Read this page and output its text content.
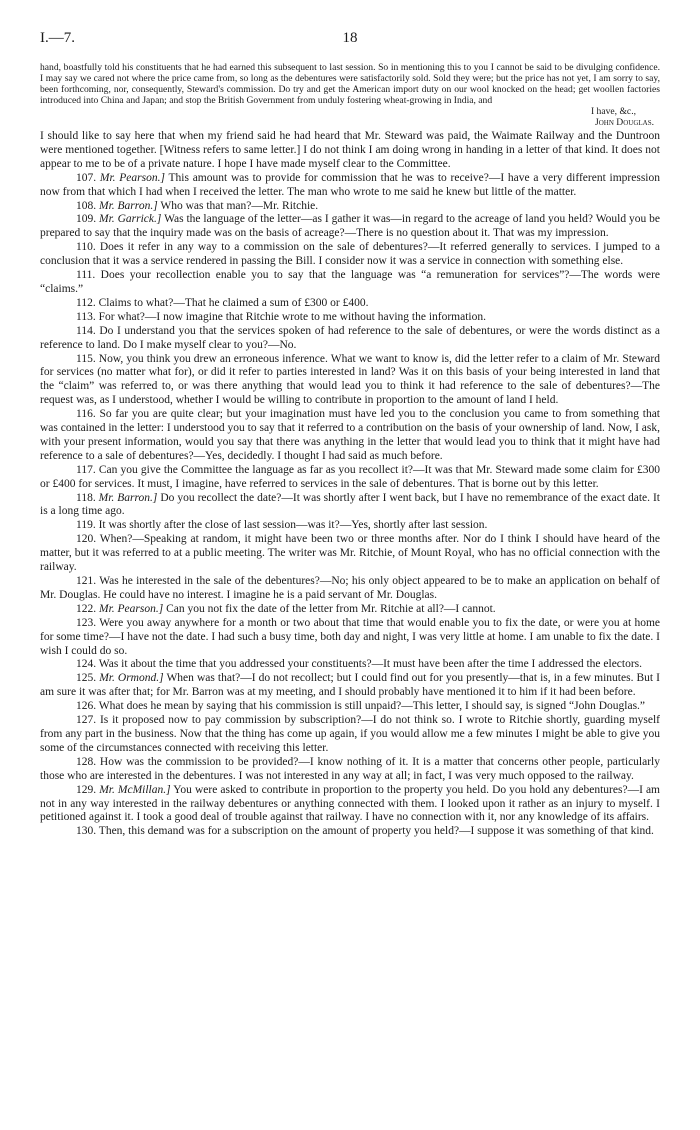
I.—7.	18
hand, boastfully told his constituents that he had earned this subsequent to last session. So in mentioning this to you I cannot be said to be divulging confidence. I may say we cared not where the price came from, so long as the debentures were satisfactorily sold. Sold they were; but the price has not yet, I am sorry to say, been forthcoming, nor, consequently, Steward's commission. Do try and get the American import duty on our wool knocked on the head; get woollen factories introduced into China and Japan; and stop the British Government from unduly fostering wheat-growing in India, and
I have, &c.,
John Douglas.

I should like to say here that when my friend said he had heard that Mr. Steward was paid, the Waimate Railway and the Duntroon were mentioned together. [Witness refers to same letter.] I do not think I am doing wrong in handing in a letter of that kind. It does not appear to me to be of a private nature. I hope I have made myself clear to the Committee.

107. Mr. Pearson.] This amount was to provide for commission that he was to receive?—I have a very different impression now from that which I had when I received the letter. The man who wrote to me said he knew but little of the matter.

108. Mr. Barron.] Who was that man?—Mr. Ritchie.

109. Mr. Garrick.] Was the language of the letter—as I gather it was—in regard to the acreage of land you held? Would you be prepared to say that the inquiry made was on the basis of acreage?—There is no question about it. That was my impression.

110. Does it refer in any way to a commission on the sale of debentures?—It referred generally to services. I jumped to a conclusion that it was a service rendered in passing the Bill. I consider now it was a service in connection with something else.

111. Does your recollection enable you to say that the language was “a remuneration for services”?—The words were “claims.”

112. Claims to what?—That he claimed a sum of £300 or £400.

113. For what?—I now imagine that Ritchie wrote to me without having the information.

114. Do I understand you that the services spoken of had reference to the sale of debentures, or were the words distinct as a reference to land. Do I make myself clear to you?—No.

115. Now, you think you drew an erroneous inference. What we want to know is, did the letter refer to a claim of Mr. Steward for services (no matter what for), or did it refer to parties interested in land? Was it on this basis of your being interested in land that the “claim” was referred to, or was there anything that would lead you to think it had reference to the sale of debentures?—The request was, as I understood, whether I would be willing to contribute in proportion to the amount of land I held.

116. So far you are quite clear; but your imagination must have led you to the conclusion you came to from something that was contained in the letter: I understood you to say that it referred to a contribution on the basis of your ownership of land. Now, I ask, with your present information, would you say that there was anything in the letter that would lead you to think that it might have had reference to a sale of debentures?—Yes, decidedly. I thought I had said as much before.

117. Can you give the Committee the language as far as you recollect it?—It was that Mr. Steward made some claim for £300 or £400 for services. It must, I imagine, have referred to services in the sale of debentures. That is borne out by this letter.

118. Mr. Barron.] Do you recollect the date?—It was shortly after I went back, but I have no remembrance of the exact date. It is a long time ago.

119. It was shortly after the close of last session—was it?—Yes, shortly after last session.

120. When?—Speaking at random, it might have been two or three months after. Nor do I think I should have heard of the matter, but it was referred to at a public meeting. The writer was Mr. Ritchie, of Mount Royal, who has no official connection with the railway.

121. Was he interested in the sale of the debentures?—No; his only object appeared to be to make an application on behalf of Mr. Douglas. He could have no interest. I imagine he is a paid servant of Mr. Douglas.

122. Mr. Pearson.] Can you not fix the date of the letter from Mr. Ritchie at all?—I cannot.

123. Were you away anywhere for a month or two about that time that would enable you to fix the date, or were you at home for some time?—I have not the date. I had such a busy time, both day and night, I was very little at home. I am unable to fix the date. I wish I could do so.

124. Was it about the time that you addressed your constituents?—It must have been after the time I addressed the electors.

125. Mr. Ormond.] When was that?—I do not recollect; but I could find out for you presently—that is, in a few minutes. But I am sure it was after that; for Mr. Barron was at my meeting, and I should probably have mentioned it to him if it had been before.

126. What does he mean by saying that his commission is still unpaid?—This letter, I should say, is signed “John Douglas.”

127. Is it proposed now to pay commission by subscription?—I do not think so. I wrote to Ritchie shortly, guarding myself from any part in the business. Now that the thing has come up again, if you would allow me a few minutes I might be able to give you some of the circumstances connected with receiving this letter.

128. How was the commission to be provided?—I know nothing of it. It is a matter that concerns other people, particularly those who are interested in the debentures. I was not interested in any way at all; in fact, I was very much opposed to the railway.

129. Mr. McMillan.] You were asked to contribute in proportion to the property you held. Do you hold any debentures?—I am not in any way interested in the railway debentures or anything connected with them. I looked upon it rather as an injury to myself. I petitioned against it. I took a good deal of trouble against that railway. I have no connection with it, nor any knowledge of its affairs.

130. Then, this demand was for a subscription on the amount of property you held?—I suppose it was something of that kind.
